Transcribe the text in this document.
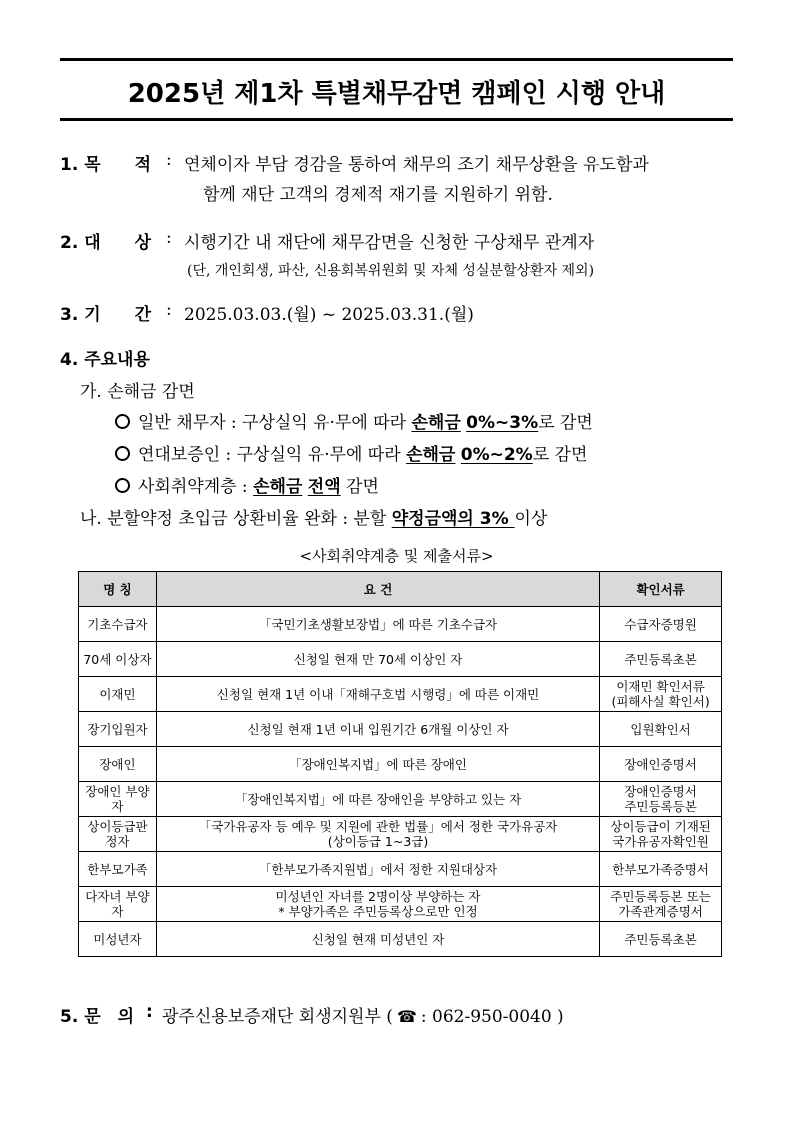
2025년 제1차 특별채무감면 캠페인 시행 안내
1. 목　　적 : 연체이자 부담 경감을 통하여 채무의 조기 채무상환을 유도함과
함께 재단 고객의 경제적 재기를 지원하기 위함.
2. 대　　상 : 시행기간 내 재단에 채무감면을 신청한 구상채무 관계자
(단, 개인회생, 파산, 신용회복위원회 및 자체 성실분할상환자 제외)
3. 기　　간 : 2025.03.03.(월) ~ 2025.03.31.(월)
4. 주요내용
가. 손해금 감면
일반 채무자 : 구상실익 유·무에 따라 손해금 0%~3%로 감면
연대보증인 : 구상실익 유·무에 따라 손해금 0%~2%로 감면
사회취약계층 : 손해금 전액 감면
나. 분할약정 초입금 상환비율 완화 : 분할 약정금액의 3% 이상
<사회취약계층 및 제출서류>
명 칭	요 건	확인서류
기초수급자	「국민기초생활보장법」에 따른 기초수급자	수급자증명원
70세 이상자	신청일 현재 만 70세 이상인 자	주민등록초본
이재민	신청일 현재 1년 이내「재해구호법 시행령」에 따른 이재민	이재민 확인서류
(피해사실 확인서)
장기입원자	신청일 현재 1년 이내 입원기간 6개월 이상인 자	입원확인서
장애인	「장애인복지법」에 따른 장애인	장애인증명서
장애인 부양자	「장애인복지법」에 따른 장애인을 부양하고 있는 자	장애인증명서
주민등록등본
상이등급판정자	「국가유공자 등 예우 및 지원에 관한 법률」에서 정한 국가유공자
(상이등급 1~3급)	상이등급이 기재된
국가유공자확인원
한부모가족	「한부모가족지원법」에서 정한 지원대상자	한부모가족증명서
다자녀 부양자	미성년인 자녀를 2명이상 부양하는 자
* 부양가족은 주민등록상으로만 인정	주민등록등본 또는
가족관계증명서
미성년자	신청일 현재 미성년인 자	주민등록초본
5. 문　의 : 광주신용보증재단 회생지원부 ( ☎ : 062-950-0040 )
